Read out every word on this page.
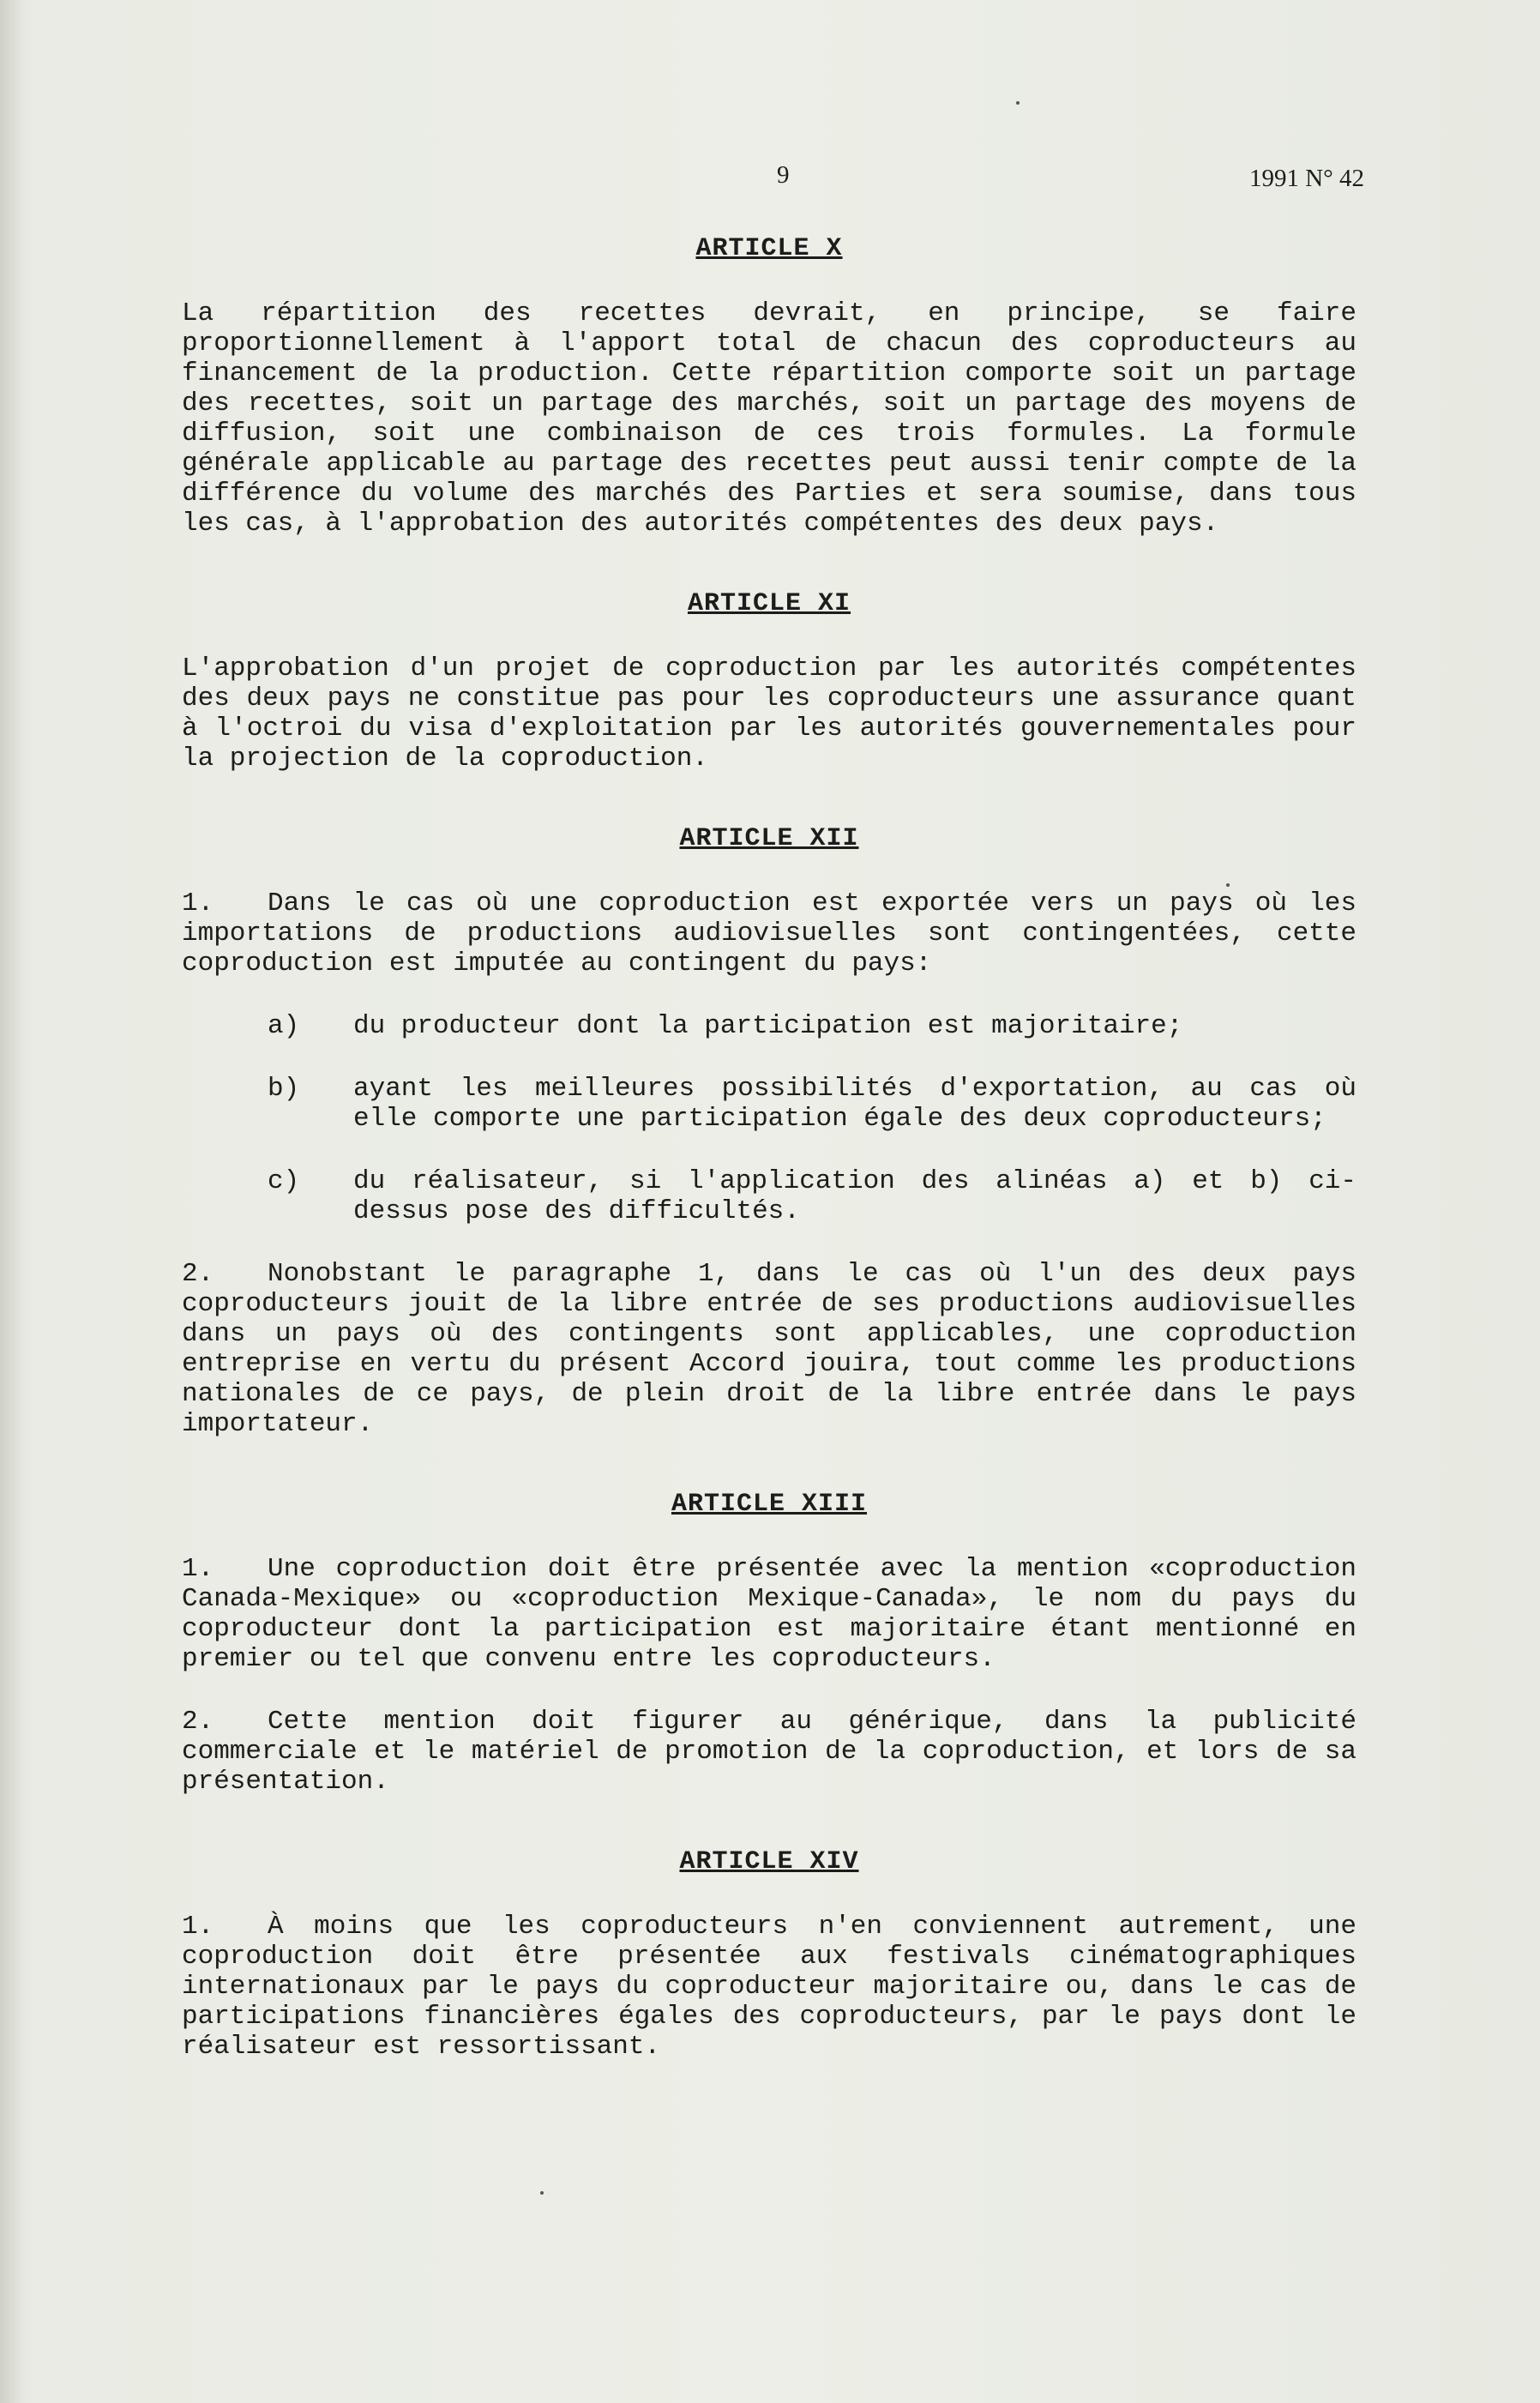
9	1991 N° 42
ARTICLE X

La répartition des recettes devrait, en principe, se faire proportionnellement à l'apport total de chacun des coproducteurs au financement de la production. Cette répartition comporte soit un partage des recettes, soit un partage des marchés, soit un partage des moyens de diffusion, soit une combinaison de ces trois formules. La formule générale applicable au partage des recettes peut aussi tenir compte de la différence du volume des marchés des Parties et sera soumise, dans tous les cas, à l'approbation des autorités compétentes des deux pays.

ARTICLE XI

L'approbation d'un projet de coproduction par les autorités compétentes des deux pays ne constitue pas pour les coproducteurs une assurance quant à l'octroi du visa d'exploitation par les autorités gouvernementales pour la projection de la coproduction.

ARTICLE XII

1. Dans le cas où une coproduction est exportée vers un pays où les importations de productions audiovisuelles sont contingentées, cette coproduction est imputée au contingent du pays:

a)	du producteur dont la participation est majoritaire;
b)	ayant les meilleures possibilités d'exportation, au cas où elle comporte une participation égale des deux coproducteurs;
c)	du réalisateur, si l'application des alinéas a) et b) ci-dessus pose des difficultés.

2. Nonobstant le paragraphe 1, dans le cas où l'un des deux pays coproducteurs jouit de la libre entrée de ses productions audiovisuelles dans un pays où des contingents sont applicables, une coproduction entreprise en vertu du présent Accord jouira, tout comme les productions nationales de ce pays, de plein droit de la libre entrée dans le pays importateur.

ARTICLE XIII

1. Une coproduction doit être présentée avec la mention «coproduction Canada-Mexique» ou «coproduction Mexique-Canada», le nom du pays du coproducteur dont la participation est majoritaire étant mentionné en premier ou tel que convenu entre les coproducteurs.

2. Cette mention doit figurer au générique, dans la publicité commerciale et le matériel de promotion de la coproduction, et lors de sa présentation.

ARTICLE XIV

1. À moins que les coproducteurs n'en conviennent autrement, une coproduction doit être présentée aux festivals cinématographiques internationaux par le pays du coproducteur majoritaire ou, dans le cas de participations financières égales des coproducteurs, par le pays dont le réalisateur est ressortissant.
